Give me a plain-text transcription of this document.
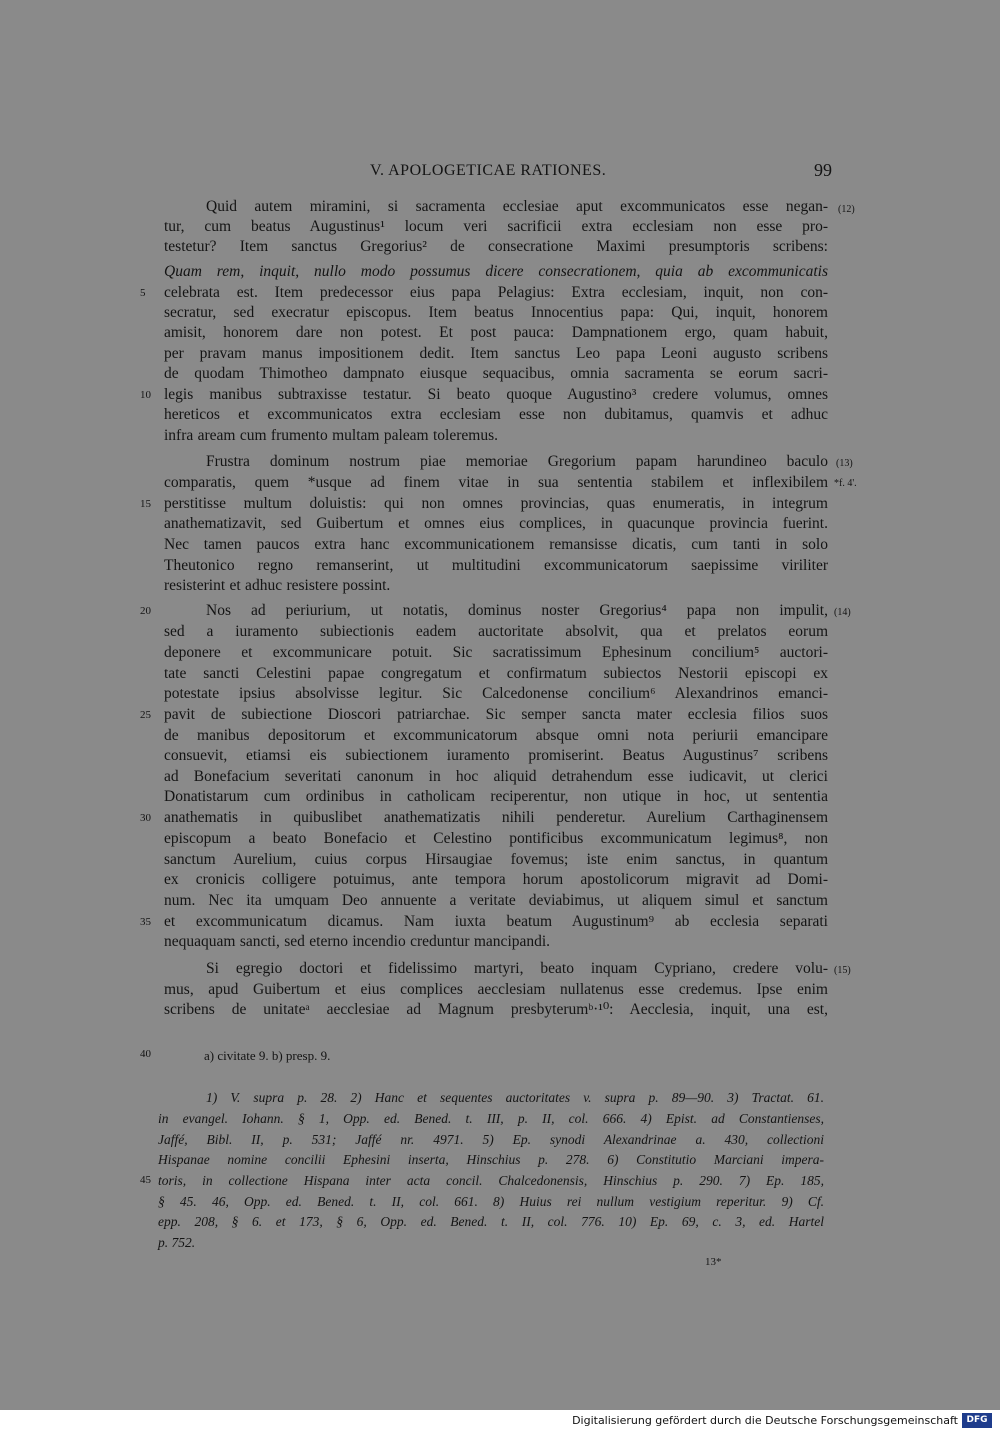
V. APOLOGETICAE RATIONES.	99
Quid autem miramini, si sacramenta ecclesiae aput excommunicatos esse negan-
tur, cum beatus Augustinus¹ locum veri sacrificii extra ecclesiam non esse pro-
testetur? Item sanctus Gregorius² de consecratione Maximi presumptoris scribens:
Quam rem, inquit, nullo modo possumus dicere consecrationem, quia ab excommunicatis
celebrata est. Item predecessor eius papa Pelagius: Extra ecclesiam, inquit, non con-
secratur, sed execratur episcopus. Item beatus Innocentius papa: Qui, inquit, honorem
amisit, honorem dare non potest. Et post pauca: Dampnationem ergo, quam habuit,
per pravam manus impositionem dedit. Item sanctus Leo papa Leoni augusto scribens
de quodam Thimotheo dampnato eiusque sequacibus, omnia sacramenta se eorum sacri-
legis manibus subtraxisse testatur. Si beato quoque Augustino³ credere volumus, omnes
hereticos et excommunicatos extra ecclesiam esse non dubitamus, quamvis et adhuc
infra aream cum frumento multam paleam toleremus.
Frustra dominum nostrum piae memoriae Gregorium papam harundineo baculo
comparatis, quem *usque ad finem vitae in sua sententia stabilem et inflexibilem
perstitisse multum doluistis: qui non omnes provincias, quas enumeratis, in integrum
anathematizavit, sed Guibertum et omnes eius complices, in quacunque provincia fuerint.
Nec tamen paucos extra hanc excommunicationem remansisse dicatis, cum tanti in solo
Theutonico regno remanserint, ut multitudini excommunicatorum saepissime viriliter
resisterint et adhuc resistere possint.
Nos ad periurium, ut notatis, dominus noster Gregorius⁴ papa non impulit,
sed a iuramento subiectionis eadem auctoritate absolvit, qua et prelatos eorum
deponere et excommunicare potuit. Sic sacratissimum Ephesinum concilium⁵ auctori-
tate sancti Celestini papae congregatum et confirmatum subiectos Nestorii episcopi ex
potestate ipsius absolvisse legitur. Sic Calcedonense concilium⁶ Alexandrinos emanci-
pavit de subiectione Dioscori patriarchae. Sic semper sancta mater ecclesia filios suos
de manibus depositorum et excommunicatorum absque omni nota periurii emancipare
consuevit, etiamsi eis subiectionem iuramento promiserint. Beatus Augustinus⁷ scribens
ad Bonefacium severitati canonum in hoc aliquid detrahendum esse iudicavit, ut clerici
Donatistarum cum ordinibus in catholicam reciperentur, non utique in hoc, ut sententia
anathematis in quibuslibet anathematizatis nihili penderetur. Aurelium Carthaginensem
episcopum a beato Bonefacio et Celestino pontificibus excommunicatum legimus⁸, non
sanctum Aurelium, cuius corpus Hirsaugiae fovemus; iste enim sanctus, in quantum
ex cronicis colligere potuimus, ante tempora horum apostolicorum migravit ad Domi-
num. Nec ita umquam Deo annuente a veritate deviabimus, ut aliquem simul et sanctum
et excommunicatum dicamus. Nam iuxta beatum Augustinum⁹ ab ecclesia separati
nequaquam sancti, sed eterno incendio creduntur mancipandi.
Si egregio doctori et fidelissimo martyri, beato inquam Cypriano, credere volu-
mus, apud Guibertum et eius complices aecclesiam nullatenus esse credemus. Ipse enim
scribens de unitateᵃ aecclesiae ad Magnum presbyterumᵇ·¹⁰: Aecclesia, inquit, una est,
5
10
15
20
25
30
35
40
45
(12)
(13)
*f. 4'.
(14)
(15)
a) civitate 9. b) presp. 9.
1) V. supra p. 28. 2) Hanc et sequentes auctoritates v. supra p. 89—90. 3) Tractat. 61.
in evangel. Iohann. § 1, Opp. ed. Bened. t. III, p. II, col. 666. 4) Epist. ad Constantienses,
Jaffé, Bibl. II, p. 531; Jaffé nr. 4971. 5) Ep. synodi Alexandrinae a. 430, collectioni
Hispanae nomine concilii Ephesini inserta, Hinschius p. 278. 6) Constitutio Marciani impera-
toris, in collectione Hispana inter acta concil. Chalcedonensis, Hinschius p. 290. 7) Ep. 185,
§ 45. 46, Opp. ed. Bened. t. II, col. 661. 8) Huius rei nullum vestigium reperitur. 9) Cf.
epp. 208, § 6. et 173, § 6, Opp. ed. Bened. t. II, col. 776. 10) Ep. 69, c. 3, ed. Hartel
p. 752.
13*
Digitalisierung gefördert durch die Deutsche Forschungsgemeinschaft DFG
